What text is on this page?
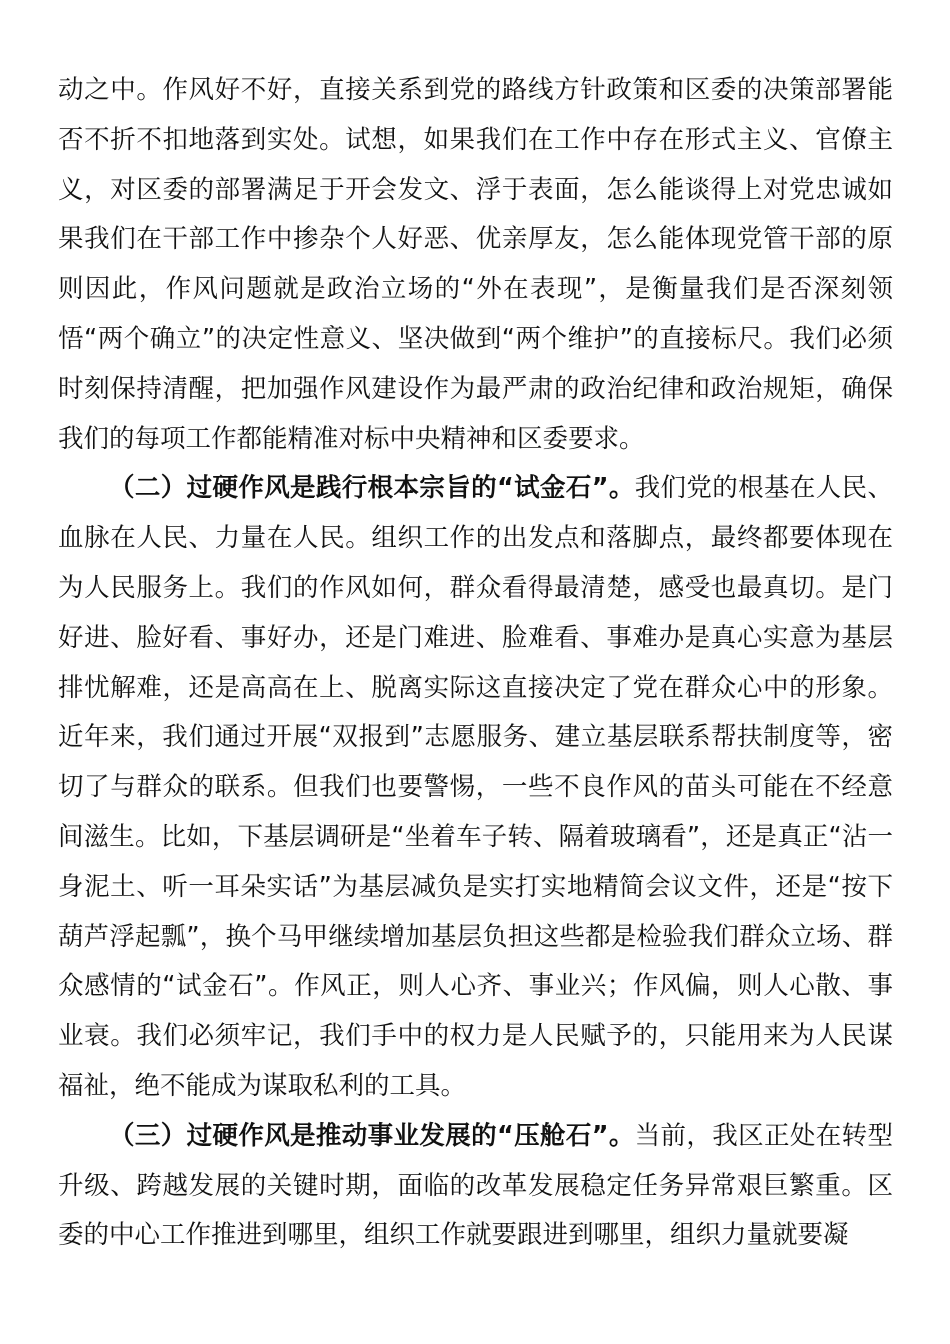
动之中。作风好不好，直接关系到党的路线方针政策和区委的决策部署能否不折不扣地落到实处。试想，如果我们在工作中存在形式主义、官僚主义，对区委的部署满足于开会发文、浮于表面，怎么能谈得上对党忠诚如果我们在干部工作中掺杂个人好恶、优亲厚友，怎么能体现党管干部的原则因此，作风问题就是政治立场的“外在表现”，是衡量我们是否深刻领悟“两个确立”的决定性意义、坚决做到“两个维护”的直接标尺。我们必须时刻保持清醒，把加强作风建设作为最严肃的政治纪律和政治规矩，确保我们的每项工作都能精准对标中央精神和区委要求。

（二）过硬作风是践行根本宗旨的“试金石”。我们党的根基在人民、血脉在人民、力量在人民。组织工作的出发点和落脚点，最终都要体现在为人民服务上。我们的作风如何，群众看得最清楚，感受也最真切。是门好进、脸好看、事好办，还是门难进、脸难看、事难办是真心实意为基层排忧解难，还是高高在上、脱离实际这直接决定了党在群众心中的形象。近年来，我们通过开展“双报到”志愿服务、建立基层联系帮扶制度等，密切了与群众的联系。但我们也要警惕，一些不良作风的苗头可能在不经意间滋生。比如，下基层调研是“坐着车子转、隔着玻璃看”，还是真正“沾一身泥土、听一耳朵实话”为基层减负是实打实地精简会议文件，还是“按下葫芦浮起瓢”，换个马甲继续增加基层负担这些都是检验我们群众立场、群众感情的“试金石”。作风正，则人心齐、事业兴；作风偏，则人心散、事业衰。我们必须牢记，我们手中的权力是人民赋予的，只能用来为人民谋福祉，绝不能成为谋取私利的工具。

（三）过硬作风是推动事业发展的“压舱石”。当前，我区正处在转型升级、跨越发展的关键时期，面临的改革发展稳定任务异常艰巨繁重。区委的中心工作推进到哪里，组织工作就要跟进到哪里，组织力量就要凝
